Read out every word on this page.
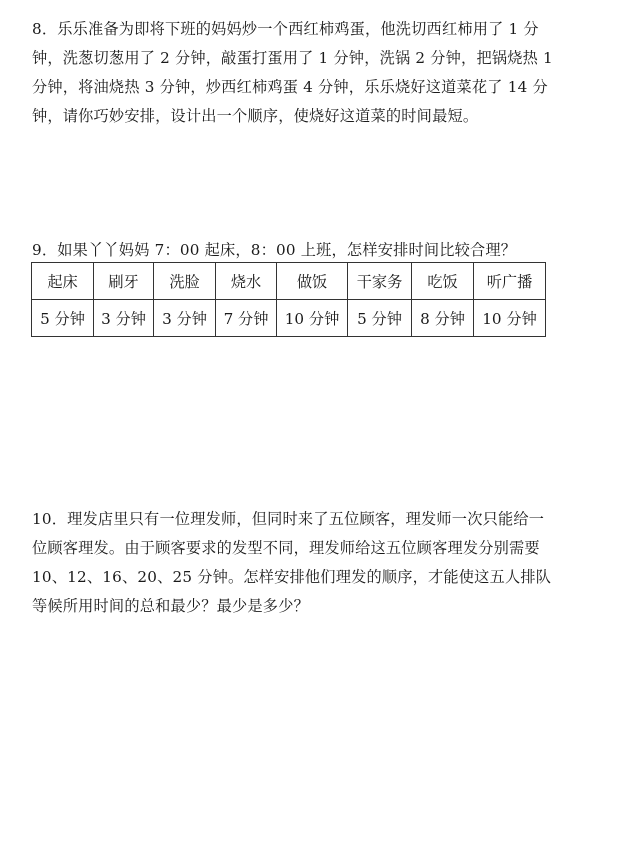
8．乐乐准备为即将下班的妈妈炒一个西红柿鸡蛋，他洗切西红柿用了 1 分
钟，洗葱切葱用了 2 分钟，敲蛋打蛋用了 1 分钟，洗锅 2 分钟，把锅烧热 1
分钟，将油烧热 3 分钟，炒西红柿鸡蛋 4 分钟，乐乐烧好这道菜花了 14 分
钟，请你巧妙安排，设计出一个顺序，使烧好这道菜的时间最短。
9．如果丫丫妈妈 7：00 起床，8：00 上班，怎样安排时间比较合理？
起床	刷牙	洗脸	烧水	做饭	干家务	吃饭	听广播
5 分钟	3 分钟	3 分钟	7 分钟	10 分钟	5 分钟	8 分钟	10 分钟
10．理发店里只有一位理发师，但同时来了五位顾客，理发师一次只能给一
位顾客理发。由于顾客要求的发型不同，理发师给这五位顾客理发分别需要
10、12、16、20、25 分钟。怎样安排他们理发的顺序，才能使这五人排队
等候所用时间的总和最少？最少是多少？
